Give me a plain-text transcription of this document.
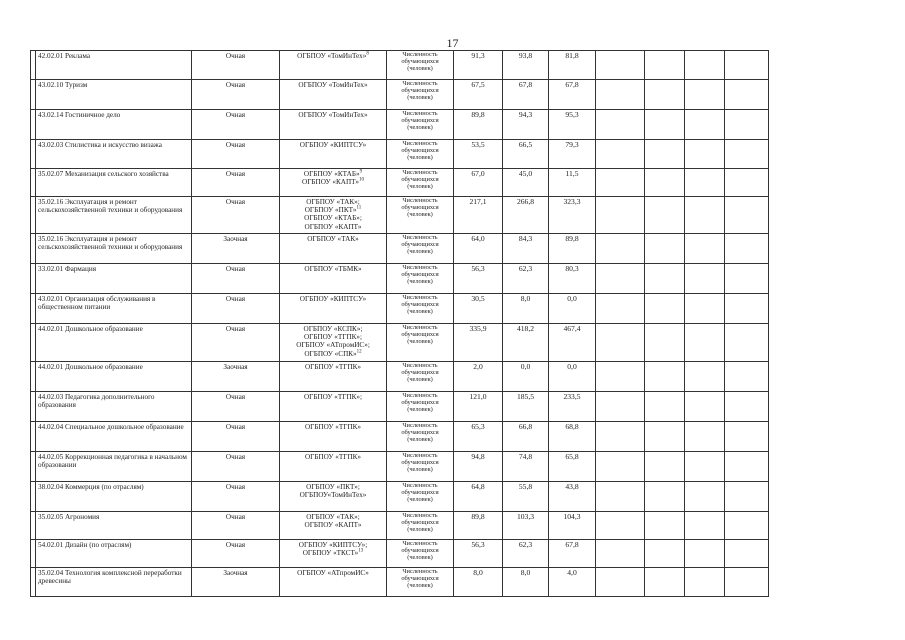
17
	42.02.01 Реклама	Очная	ОГБПОУ «ТомИнТех»$^8$	Численность обучающихся (человек)	91,3	93,8	81,8				
	43.02.10 Туризм	Очная	ОГБПОУ «ТомИнТех»	Численность обучающихся (человек)	67,5	67,8	67,8				
	43.02.14 Гостиничное дело	Очная	ОГБПОУ «ТомИнТех»	Численность обучающихся (человек)	89,8	94,3	95,3				
	43.02.03 Стилистика и искусство визажа	Очная	ОГБПОУ «КИПТСУ»	Численность обучающихся (человек)	53,5	66,5	79,3				
	35.02.07 Механизация сельского хозяйства	Очная	ОГБПОУ «КТАБ»$^9$
ОГБПОУ «КАПТ»$^{10}$	Численность обучающихся (человек)	67,0	45,0	11,5				
	35.02.16 Эксплуатация и ремонт сельскохозяйственной техники и оборудования	Очная	ОГБПОУ «ТАК»;
ОГБПОУ «ПКТ»$^{11}$
ОГБПОУ «КТАБ»;
ОГБПОУ «КАПТ»	Численность обучающихся (человек)	217,1	266,8	323,3				
	35.02.16 Эксплуатация и ремонт сельскохозяйственной техники и оборудования	Заочная	ОГБПОУ «ТАК»	Численность обучающихся (человек)	64,0	84,3	89,8				
	33.02.01 Фармация	Очная	ОГБПОУ «ТБМК»	Численность обучающихся (человек)	56,3	62,3	80,3				
	43.02.01 Организация обслуживания в общественном питании	Очная	ОГБПОУ «КИПТСУ»	Численность обучающихся (человек)	30,5	8,0	0,0				
	44.02.01 Дошкольное образование	Очная	ОГБПОУ «КСПК»;
ОГБПОУ «ТГПК»;
ОГБПОУ «АТпромИС»;
ОГБПОУ «СПК»$^{12}$	Численность обучающихся (человек)	335,9	418,2	467,4				
	44.02.01 Дошкольное образование	Заочная	ОГБПОУ «ТГПК»	Численность обучающихся (человек)	2,0	0,0	0,0				
	44.02.03 Педагогика дополнительного образования	Очная	ОГБПОУ «ТГПК»;	Численность обучающихся (человек)	121,0	185,5	233,5				
	44.02.04 Специальное дошкольное образование	Очная	ОГБПОУ «ТГПК»	Численность обучающихся (человек)	65,3	66,8	68,8				
	44.02.05 Коррекционная педагогика в начальном образовании	Очная	ОГБПОУ «ТГПК»	Численность обучающихся (человек)	94,8	74,8	65,8				
	38.02.04 Коммерция (по отраслям)	Очная	ОГБПОУ «ПКТ»;
ОГБПОУ«ТомИнТех»	Численность обучающихся (человек)	64,8	55,8	43,8				
	35.02.05 Агрономия	Очная	ОГБПОУ «ТАК»;
ОГБПОУ «КАПТ»	Численность обучающихся (человек)	89,8	103,3	104,3				
	54.02.01 Дизайн (по отраслям)	Очная	ОГБПОУ «КИПТСУ»;
ОГБПОУ «ТКСТ»$^{13}$	Численность обучающихся (человек)	56,3	62,3	67,8				
	35.02.04 Технология комплексной переработки древесины	Заочная	ОГБПОУ «АТпромИС»	Численность обучающихся (человек)	8,0	8,0	4,0				
